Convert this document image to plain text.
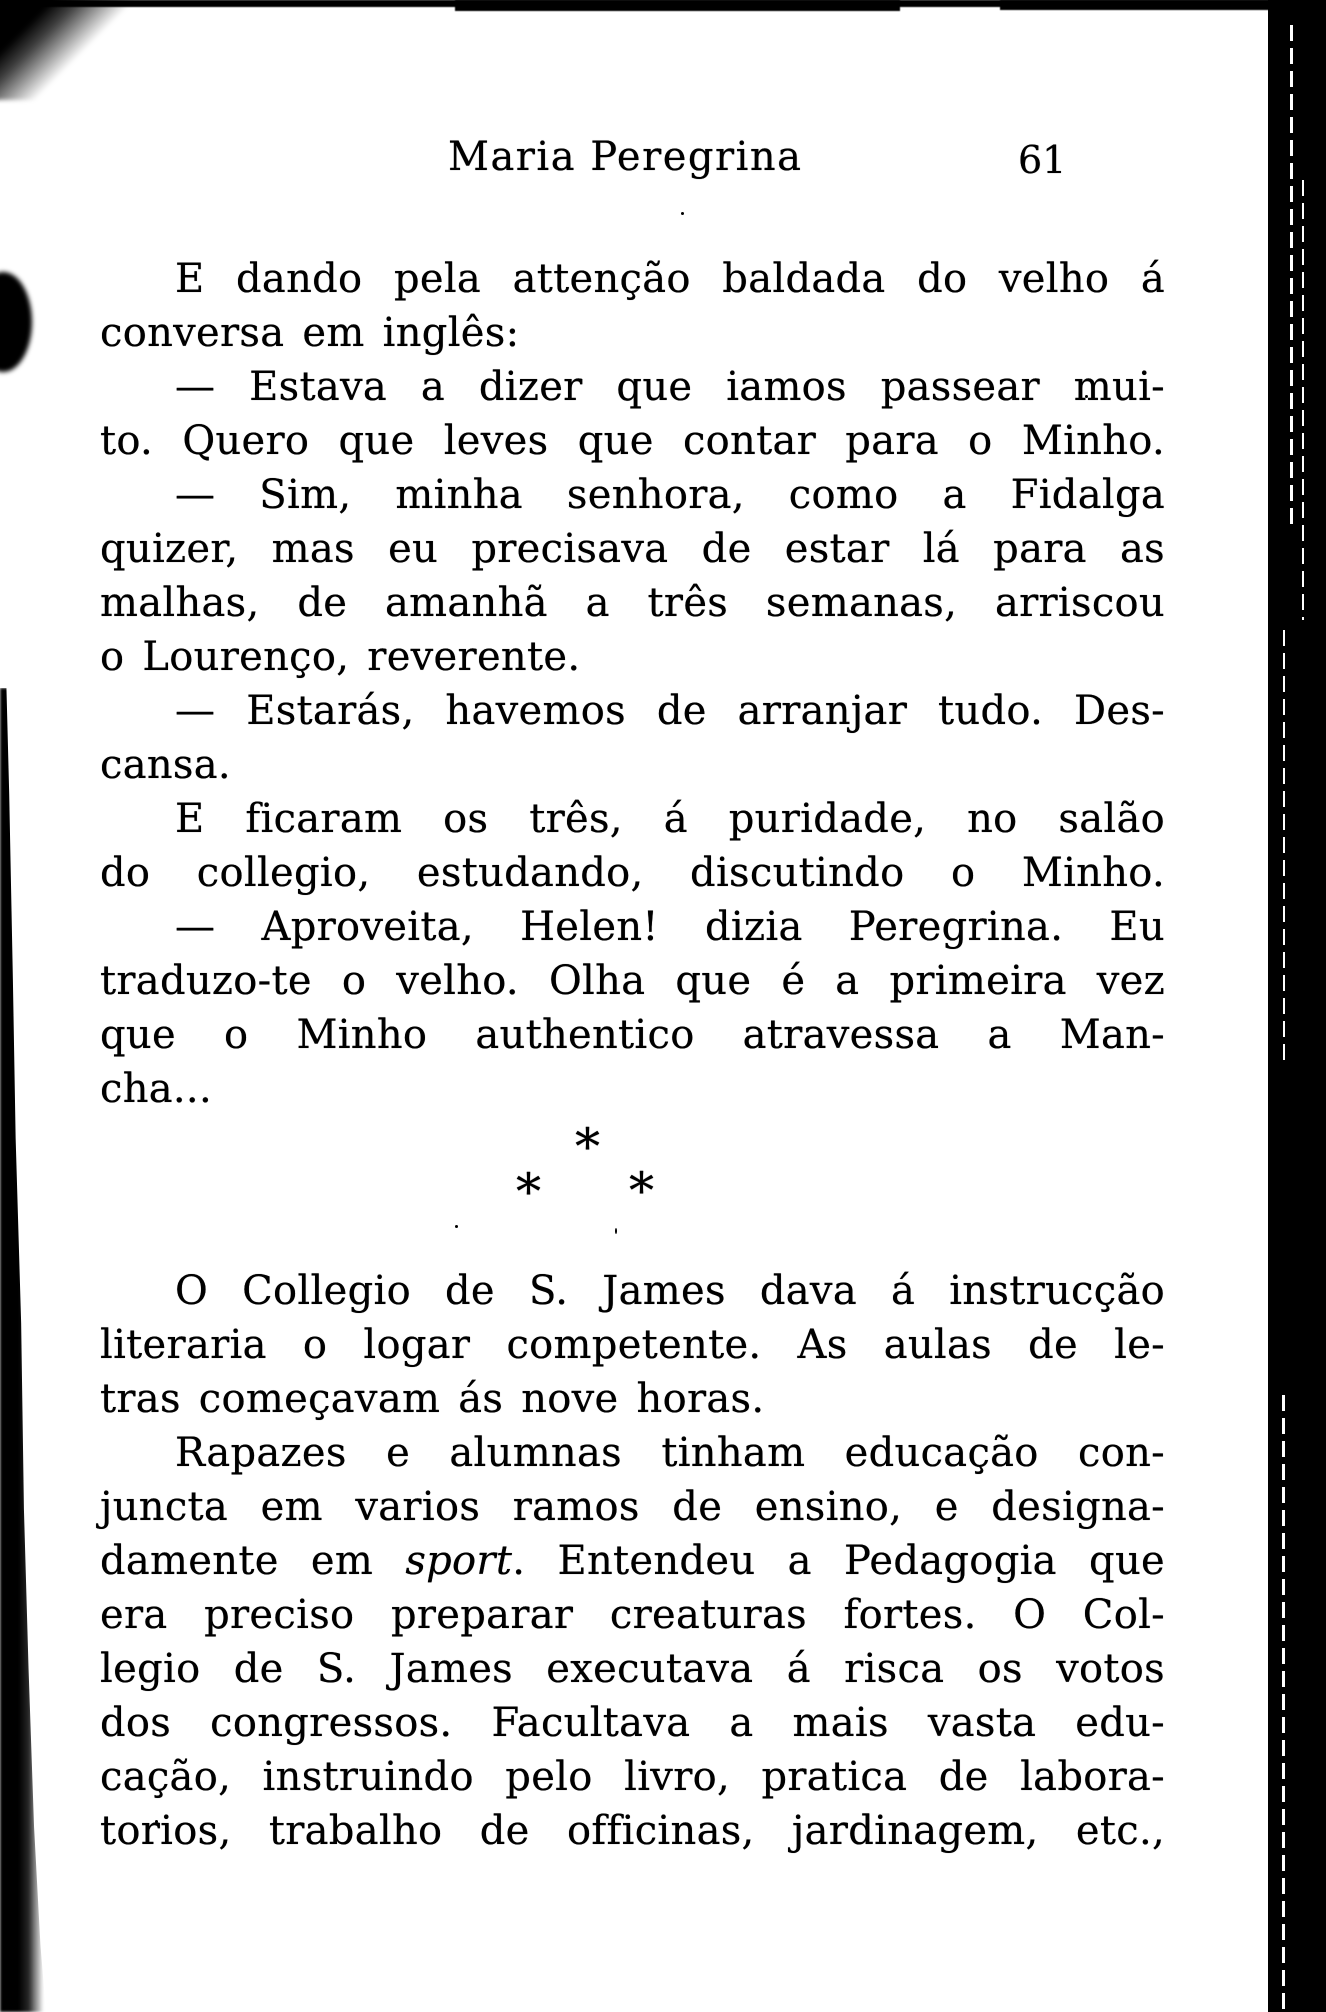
Maria Peregrina	61
E dando pela attenção baldada do velho á
conversa em inglês:
— Estava a dizer que iamos passear mui-
to. Quero que leves que contar para o Minho.
— Sim, minha senhora, como a Fidalga
quizer, mas eu precisava de estar lá para as
malhas, de amanhã a três semanas, arriscou
o Lourenço, reverente.
— Estarás, havemos de arranjar tudo. Des-
cansa.
E ficaram os três, á puridade, no salão
do collegio, estudando, discutindo o Minho.
— Aproveita, Helen! dizia Peregrina. Eu
traduzo-te o velho. Olha que é a primeira vez
que o Minho authentico atravessa a Man-
cha...
*
* *
O Collegio de S. James dava á instrucção
literaria o logar competente. As aulas de le-
tras começavam ás nove horas.
Rapazes e alumnas tinham educação con-
juncta em varios ramos de ensino, e designa-
damente em sport. Entendeu a Pedagogia que
era preciso preparar creaturas fortes. O Col-
legio de S. James executava á risca os votos
dos congressos. Facultava a mais vasta edu-
cação, instruindo pelo livro, pratica de labora-
torios, trabalho de officinas, jardinagem, etc.,
